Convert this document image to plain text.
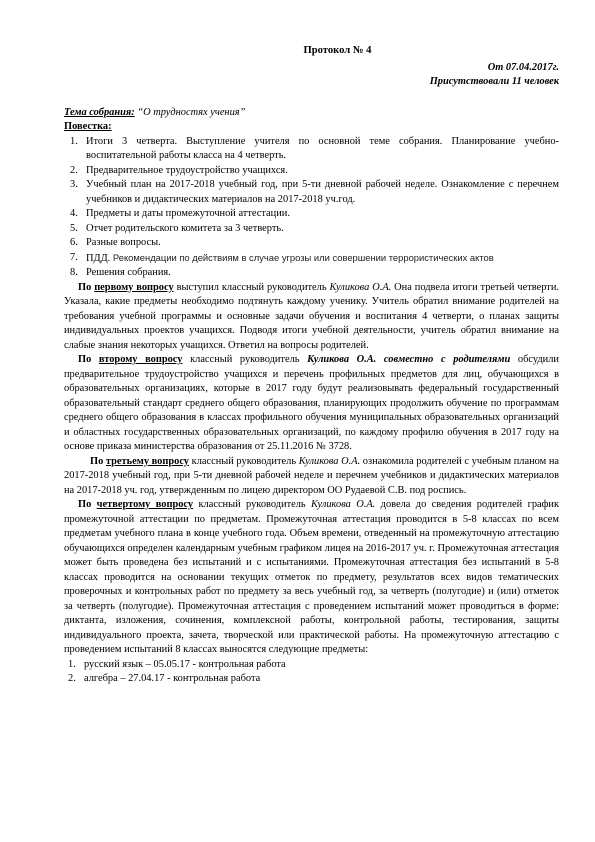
Протокол № 4
От 07.04.2017г.
Присутствовали 11 человек
Тема собрания: “О трудностях учения”
Повестка:
1. Итоги 3 четверта. Выступление учителя по основной теме собрания. Планирование учебно-воспитательной работы класса на 4 четверть.
2. Предварительное трудоустройство учащихся.
3. Учебный план на 2017-2018 учебный год, при 5-ти дневной рабочей неделе. Ознакомление с перечнем учебников и дидактических материалов на 2017-2018 уч.год.
4. Предметы и даты промежуточной аттестации.
5. Отчет родительского комитета за 3 четверть.
6. Разные вопросы.
7. ПДД. Рекомендации по действиям в случае угрозы или совершении террористических актов
8. Решения собрания.

По первому вопросу выступил классный руководитель Куликова О.А. Она подвела итоги третьей четверти. Указала, какие предметы необходимо подтянуть каждому ученику. Учитель обратил внимание родителей на требования учебной программы и основные задачи обучения и воспитания 4 четверти, о планах защиты индивидуальных проектов учащихся. Подводя итоги учебной деятельности, учитель обратил внимание на слабые знания некоторых учащихся. Ответил на вопросы родителей.

По второму вопросу классный руководитель Куликова О.А. совместно с родителями обсудили предварительное трудоустройство учащихся и перечень профильных предметов для лиц, обучающихся в образовательных организациях, которые в 2017 году будут реализовывать федеральный государственный образовательный стандарт среднего общего образования, планирующих продолжить обучение по программам среднего общего образования в классах профильного обучения муниципальных образовательных организаций и областных государственных образовательных организаций, по каждому профилю обучения в 2017 году на основе приказа министерства образования от 25.11.2016 № 3728.

По третьему вопросу классный руководитель Куликова О.А. ознакомила родителей с учебным планом на 2017-2018 учебный год, при 5-ти дневной рабочей неделе и перечнем учебников и дидактических материалов на 2017-2018 уч. год, утвержденным по лицею директором ОО Рудаевой С.В. под роспись.

По четвертому вопросу классный руководитель Куликова О.А. довела до сведения родителей график промежуточной аттестации по предметам. Промежуточная аттестация проводится в 5-8 классах по всем предметам учебного плана в конце учебного года. Объем времени, отведенный на промежуточную аттестацию обучающихся определен календарным учебным графиком лицея на 2016-2017 уч. г. Промежуточная аттестация может быть проведена без испытаний и с испытаниями. Промежуточная аттестация без испытаний в 5-8 классах проводится на основании текущих отметок по предмету, результатов всех видов тематических проверочных и контрольных работ по предмету за весь учебный год, за четверть (полугодие) и (или) отметок за четверть (полугодие). Промежуточная аттестация с проведением испытаний может проводиться в форме: диктанта, изложения, сочинения, комплексной работы, контрольной работы, тестирования, защиты индивидуального проекта, зачета, творческой или практической работы. На промежуточную аттестацию с проведением испытаний 8 классах выносятся следующие предметы:

1. русский язык – 05.05.17 - контрольная работа
2. алгебра – 27.04.17 - контрольная работа
